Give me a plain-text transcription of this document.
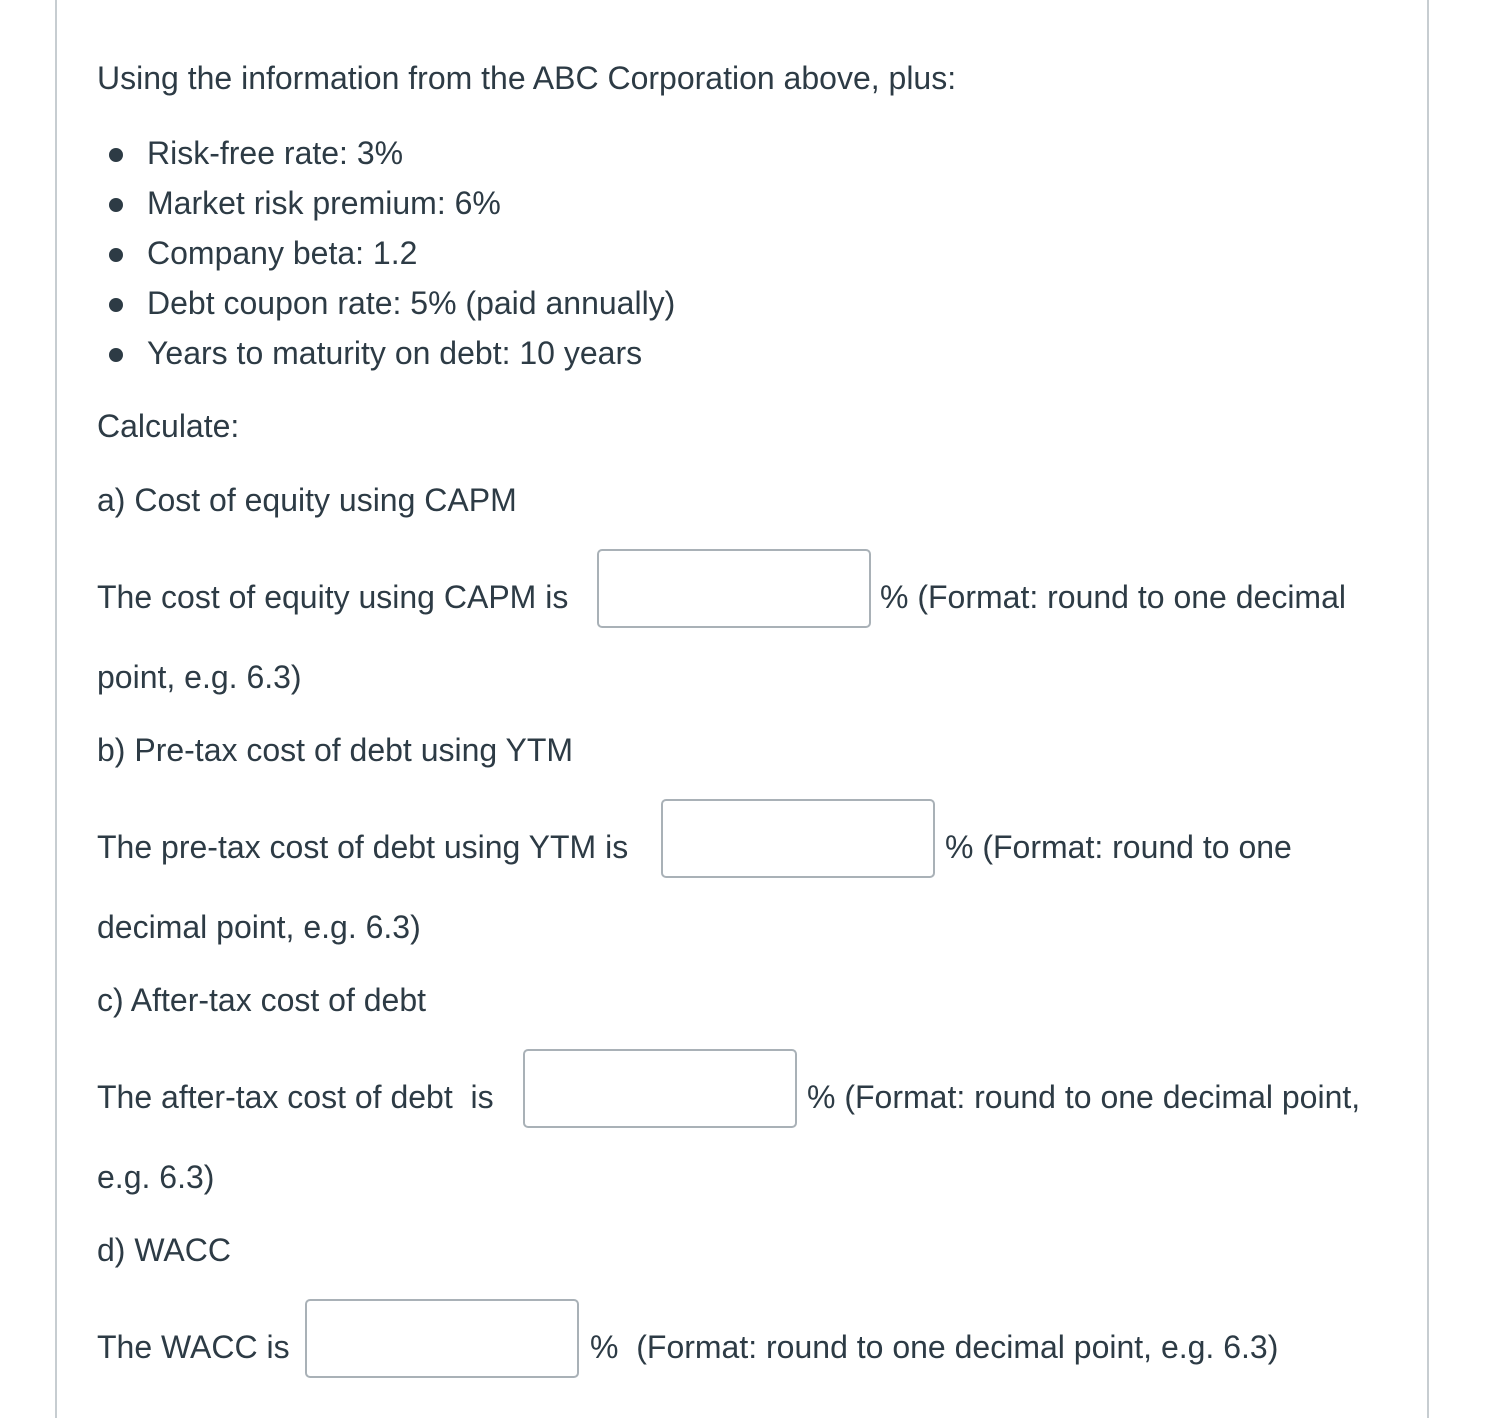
Using the information from the ABC Corporation above, plus:
Risk-free rate: 3%
Market risk premium: 6%
Company beta: 1.2
Debt coupon rate: 5% (paid annually)
Years to maturity on debt: 10 years
Calculate:
a) Cost of equity using CAPM
The cost of equity using CAPM is	% (Format: round to one decimal
point, e.g. 6.3)
b) Pre-tax cost of debt using YTM
The pre-tax cost of debt using YTM is	% (Format: round to one
decimal point, e.g. 6.3)
c) After-tax cost of debt
The after-tax cost of debt  is	% (Format: round to one decimal point,
e.g. 6.3)
d) WACC
The WACC is	%  (Format: round to one decimal point, e.g. 6.3)
